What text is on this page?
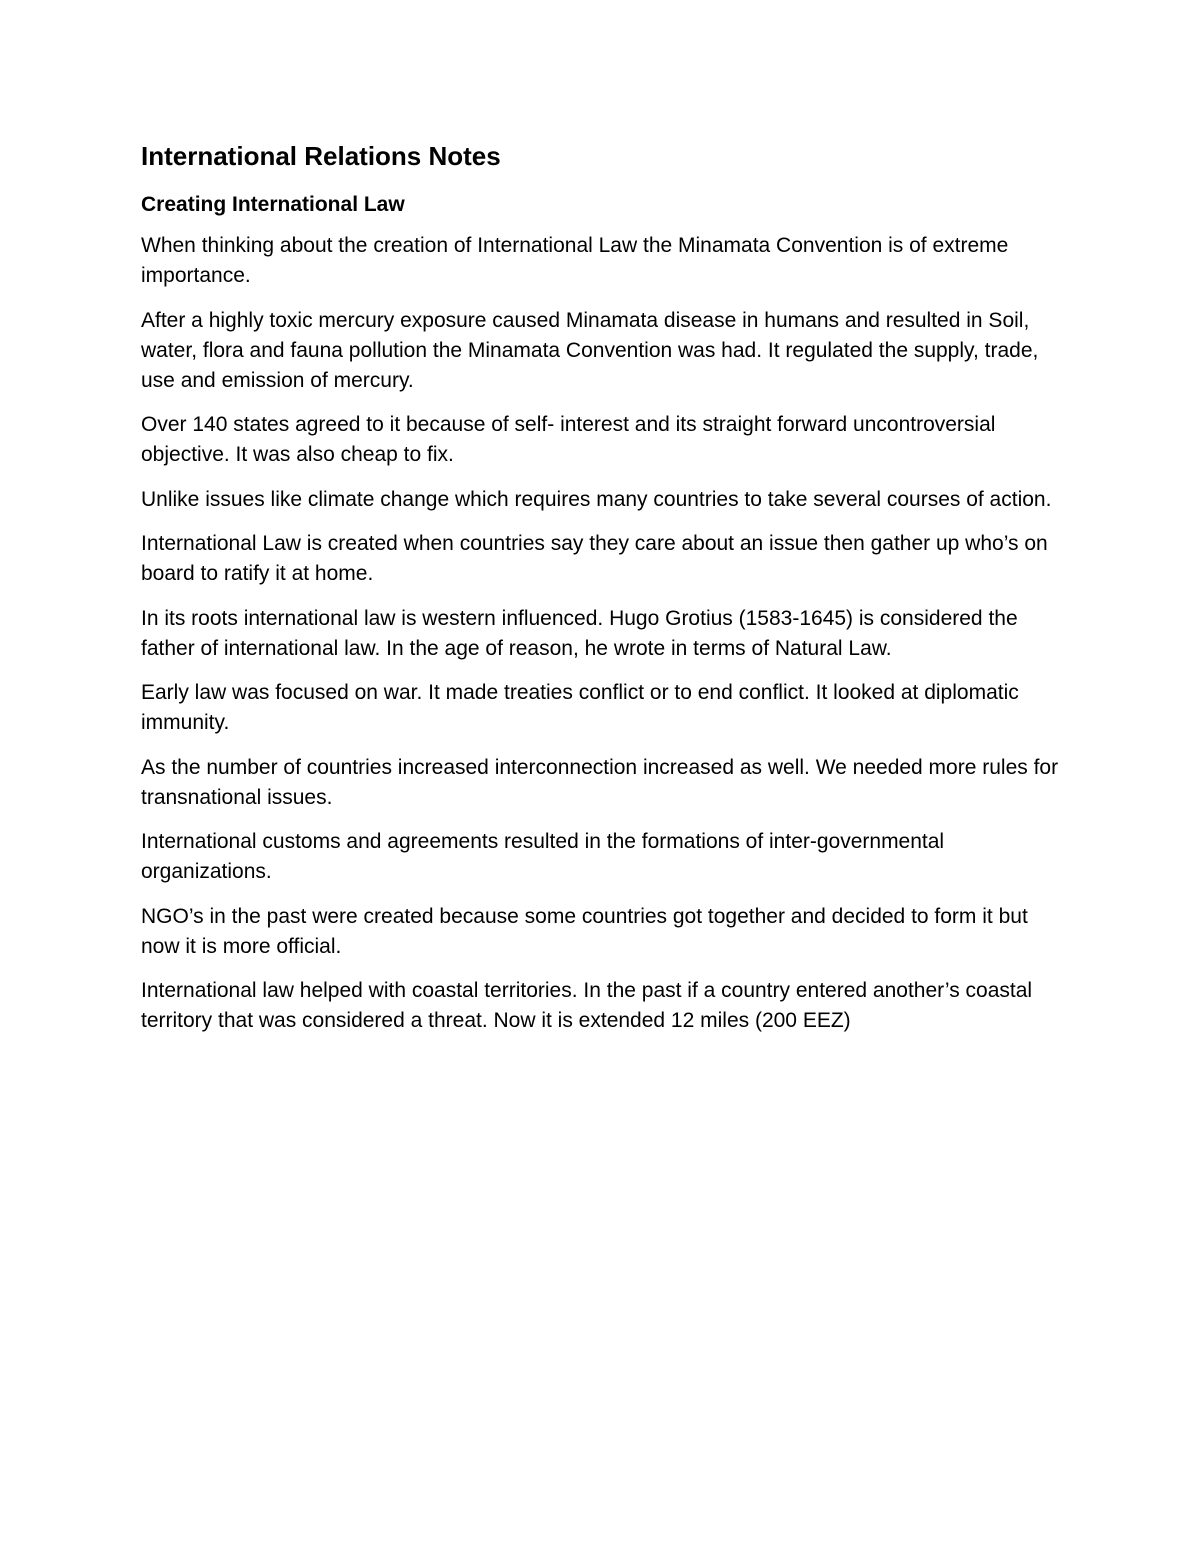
International Relations Notes
Creating International Law

When thinking about the creation of International Law the Minamata Convention is of extreme importance.

After a highly toxic mercury exposure caused Minamata disease in humans and resulted in Soil, water, flora and fauna pollution the Minamata Convention was had. It regulated the supply, trade, use and emission of mercury.

Over 140 states agreed to it because of self- interest and its straight forward uncontroversial objective. It was also cheap to fix.

Unlike issues like climate change which requires many countries to take several courses of action.

International Law is created when countries say they care about an issue then gather up who’s on board to ratify it at home.

In its roots international law is western influenced. Hugo Grotius (1583-1645) is considered the father of international law. In the age of reason, he wrote in terms of Natural Law.

Early law was focused on war. It made treaties conflict or to end conflict. It looked at diplomatic immunity.

As the number of countries increased interconnection increased as well. We needed more rules for transnational issues.

International customs and agreements resulted in the formations of inter-governmental organizations.

NGO’s in the past were created because some countries got together and decided to form it but now it is more official.

International law helped with coastal territories. In the past if a country entered another’s coastal territory that was considered a threat. Now it is extended 12 miles (200 EEZ)
